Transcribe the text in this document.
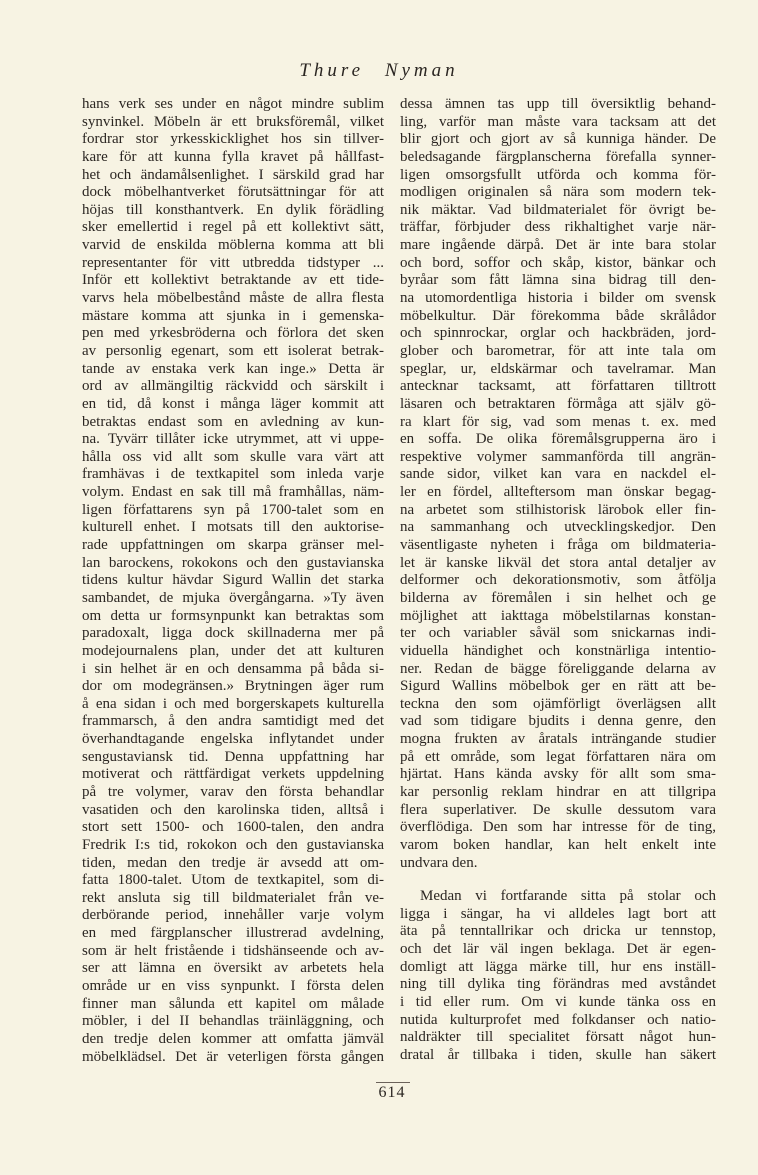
Thure Nyman
hans verk ses under en något mindre sublim
synvinkel. Möbeln är ett bruksföremål, vilket
fordrar stor yrkesskicklighet hos sin tillver-
kare för att kunna fylla kravet på hållfast-
het och ändamålsenlighet. I särskild grad har
dock möbelhantverket förutsättningar för att
höjas till konsthantverk. En dylik förädling
sker emellertid i regel på ett kollektivt sätt,
varvid de enskilda möblerna komma att bli
representanter för vitt utbredda tidstyper ...
Inför ett kollektivt betraktande av ett tide-
varvs hela möbelbestånd måste de allra flesta
mästare komma att sjunka in i gemenska-
pen med yrkesbröderna och förlora det sken
av personlig egenart, som ett isolerat betrak-
tande av enstaka verk kan inge.» Detta är
ord av allmängiltig räckvidd och särskilt i
en tid, då konst i många läger kommit att
betraktas endast som en avledning av kun-
na. Tyvärr tillåter icke utrymmet, att vi uppe-
hålla oss vid allt som skulle vara värt att
framhävas i de textkapitel som inleda varje
volym. Endast en sak till må framhållas, näm-
ligen författarens syn på 1700-talet som en
kulturell enhet. I motsats till den auktorise-
rade uppfattningen om skarpa gränser mel-
lan barockens, rokokons och den gustavianska
tidens kultur hävdar Sigurd Wallin det starka
sambandet, de mjuka övergångarna. »Ty även
om detta ur formsynpunkt kan betraktas som
paradoxalt, ligga dock skillnaderna mer på
modejournalens plan, under det att kulturen
i sin helhet är en och densamma på båda si-
dor om modegränsen.» Brytningen äger rum
å ena sidan i och med borgerskapets kulturella
frammarsch, å den andra samtidigt med det
överhandtagande engelska inflytandet under
sengustaviansk tid. Denna uppfattning har
motiverat och rättfärdigat verkets uppdelning
på tre volymer, varav den första behandlar
vasatiden och den karolinska tiden, alltså i
stort sett 1500- och 1600-talen, den andra
Fredrik I:s tid, rokokon och den gustavianska
tiden, medan den tredje är avsedd att om-
fatta 1800-talet. Utom de textkapitel, som di-
rekt ansluta sig till bildmaterialet från ve-
derbörande period, innehåller varje volym
en med färgplanscher illustrerad avdelning,
som är helt fristående i tidshänseende och av-
ser att lämna en översikt av arbetets hela
område ur en viss synpunkt. I första delen
finner man sålunda ett kapitel om målade
möbler, i del II behandlas träinläggning, och
den tredje delen kommer att omfatta jämväl
möbelklädsel. Det är veterligen första gången
dessa ämnen tas upp till översiktlig behand-
ling, varför man måste vara tacksam att det
blir gjort och gjort av så kunniga händer. De
beledsagande färgplanscherna förefalla synner-
ligen omsorgsfullt utförda och komma för-
modligen originalen så nära som modern tek-
nik mäktar. Vad bildmaterialet för övrigt be-
träffar, förbjuder dess rikhaltighet varje när-
mare ingående därpå. Det är inte bara stolar
och bord, soffor och skåp, kistor, bänkar och
byråar som fått lämna sina bidrag till den-
na utomordentliga historia i bilder om svensk
möbelkultur. Där förekomma både skrålådor
och spinnrockar, orglar och hackbräden, jord-
glober och barometrar, för att inte tala om
speglar, ur, eldskärmar och tavelramar. Man
antecknar tacksamt, att författaren tilltrott
läsaren och betraktaren förmåga att själv gö-
ra klart för sig, vad som menas t. ex. med
en soffa. De olika föremålsgrupperna äro i
respektive volymer sammanförda till angrän-
sande sidor, vilket kan vara en nackdel el-
ler en fördel, allteftersom man önskar begag-
na arbetet som stilhistorisk lärobok eller fin-
na sammanhang och utvecklingskedjor. Den
väsentligaste nyheten i fråga om bildmateria-
let är kanske likväl det stora antal detaljer av
delformer och dekorationsmotiv, som åtfölja
bilderna av föremålen i sin helhet och ge
möjlighet att iakttaga möbelstilarnas konstan-
ter och variabler såväl som snickarnas indi-
viduella händighet och konstnärliga intentio-
ner. Redan de bägge föreliggande delarna av
Sigurd Wallins möbelbok ger en rätt att be-
teckna den som ojämförligt överlägsen allt
vad som tidigare bjudits i denna genre, den
mogna frukten av åratals inträngande studier
på ett område, som legat författaren nära om
hjärtat. Hans kända avsky för allt som sma-
kar personlig reklam hindrar en att tillgripa
flera superlativer. De skulle dessutom vara
överflödiga. Den som har intresse för de ting,
varom boken handlar, kan helt enkelt inte
undvara den.
Medan vi fortfarande sitta på stolar och
ligga i sängar, ha vi alldeles lagt bort att
äta på tenntallrikar och dricka ur tennstop,
och det lär väl ingen beklaga. Det är egen-
domligt att lägga märke till, hur ens inställ-
ning till dylika ting förändras med avståndet
i tid eller rum. Om vi kunde tänka oss en
nutida kulturprofet med folkdanser och natio-
naldräkter till specialitet försatt något hun-
dratal år tillbaka i tiden, skulle han säkert
614
